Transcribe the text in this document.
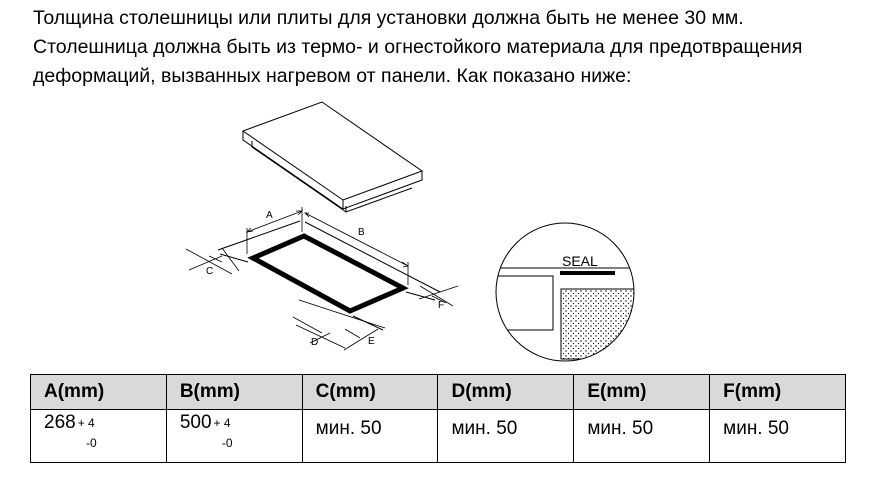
Толщина столешницы или плиты для установки должна быть не менее 30 мм.
Столешница должна быть из термо- и огнестойкого материала для предотвращения
деформаций, вызванных нагревом от панели. Как показано ниже:

A
B
C
D	E
F
SEAL
A(mm)	B(mm)	C(mm)	D(mm)	E(mm)	F(mm)
268 + 4
-0	500 + 4
-0	мин. 50	мин. 50	мин. 50	мин. 50
